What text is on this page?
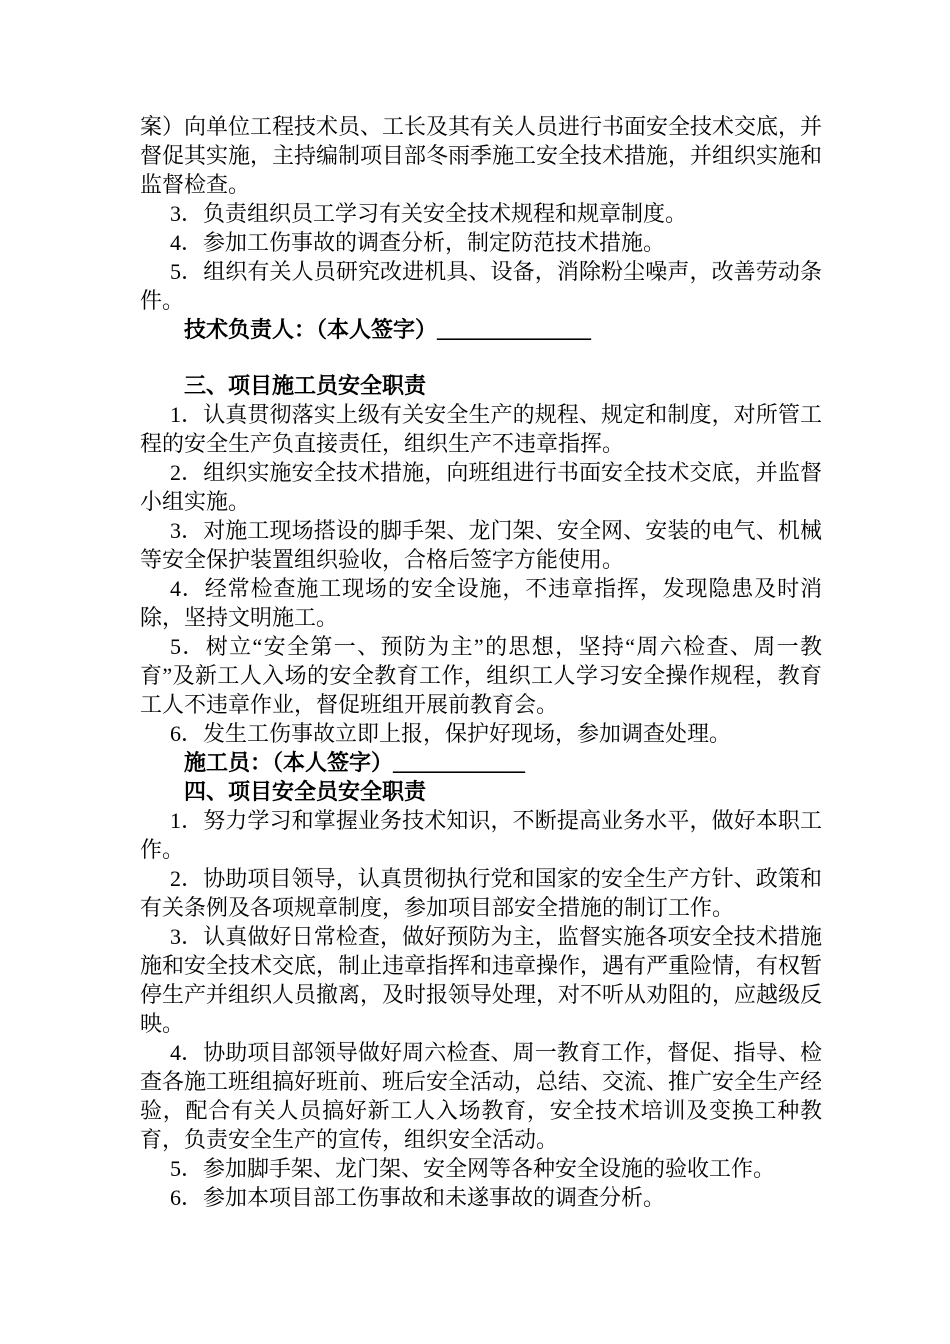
案）向单位工程技术员、工长及其有关人员进行书面安全技术交底，并督促其实施，主持编制项目部冬雨季施工安全技术措施，并组织实施和监督检查。

3．负责组织员工学习有关安全技术规程和规章制度。

4．参加工伤事故的调查分析，制定防范技术措施。

5．组织有关人员研究改进机具、设备，消除粉尘噪声，改善劳动条件。

技术负责人：（本人签字）______________

三、项目施工员安全职责

1．认真贯彻落实上级有关安全生产的规程、规定和制度，对所管工程的安全生产负直接责任，组织生产不违章指挥。

2．组织实施安全技术措施，向班组进行书面安全技术交底，并监督小组实施。

3．对施工现场搭设的脚手架、龙门架、安全网、安装的电气、机械等安全保护装置组织验收，合格后签字方能使用。

4．经常检查施工现场的安全设施，不违章指挥，发现隐患及时消除，坚持文明施工。

5．树立“安全第一、预防为主”的思想，坚持“周六检查、周一教育”及新工人入场的安全教育工作，组织工人学习安全操作规程，教育工人不违章作业，督促班组开展前教育会。

6．发生工伤事故立即上报，保护好现场，参加调查处理。

施工员：（本人签字）____________

四、项目安全员安全职责

1．努力学习和掌握业务技术知识，不断提高业务水平，做好本职工作。

2．协助项目领导，认真贯彻执行党和国家的安全生产方针、政策和有关条例及各项规章制度，参加项目部安全措施的制订工作。

3．认真做好日常检查，做好预防为主，监督实施各项安全技术措施施和安全技术交底，制止违章指挥和违章操作，遇有严重险情，有权暂停生产并组织人员撤离，及时报领导处理，对不听从劝阻的，应越级反映。

4．协助项目部领导做好周六检查、周一教育工作，督促、指导、检查各施工班组搞好班前、班后安全活动，总结、交流、推广安全生产经验，配合有关人员搞好新工人入场教育，安全技术培训及变换工种教育，负责安全生产的宣传，组织安全活动。

5．参加脚手架、龙门架、安全网等各种安全设施的验收工作。

6．参加本项目部工伤事故和未遂事故的调查分析。
